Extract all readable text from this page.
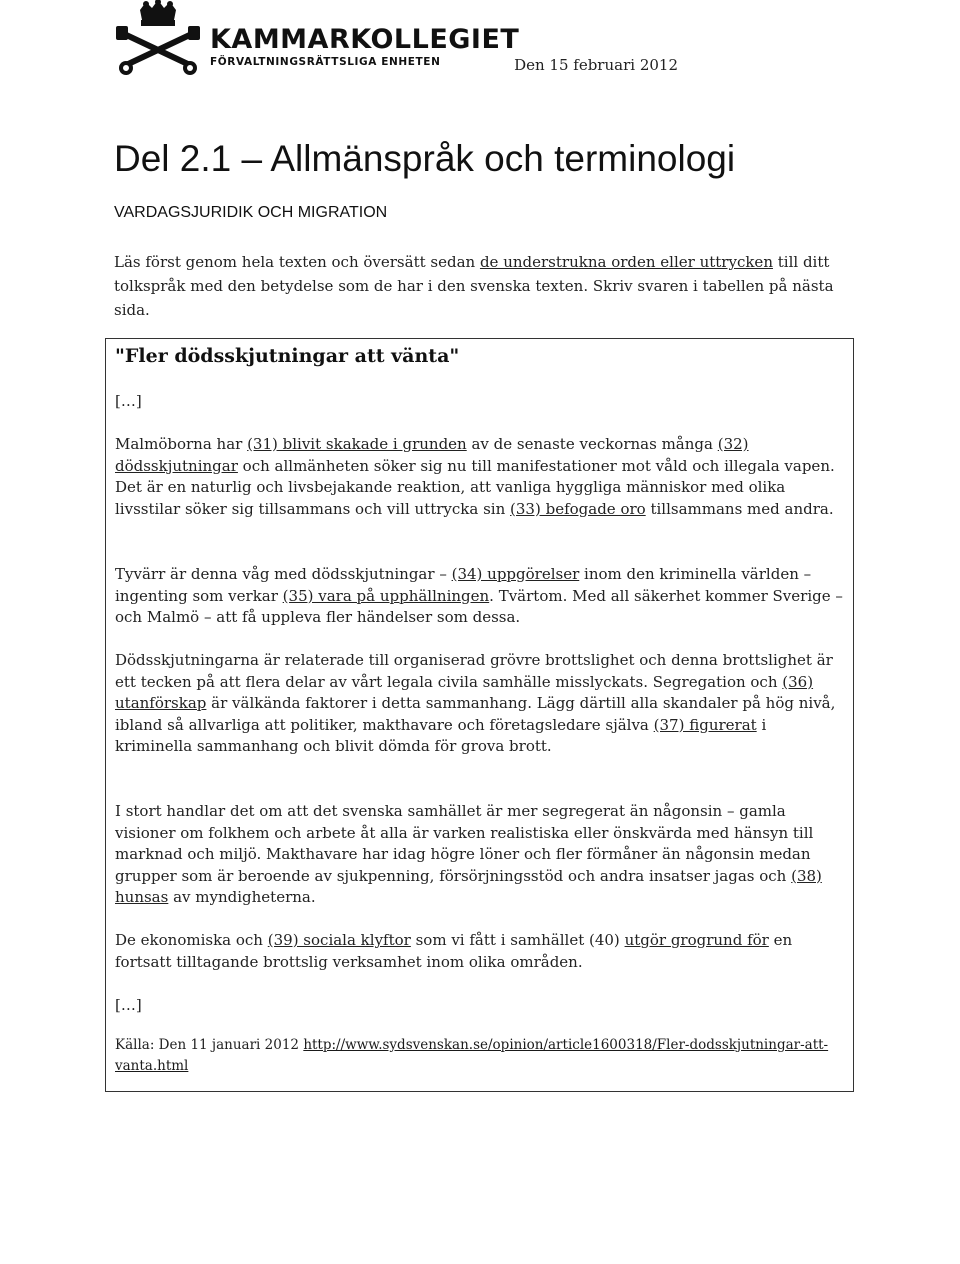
KAMMARKOLLEGIET
FÖRVALTNINGSRÄTTSLIGA ENHETEN	Den 15 februari 2012
Del 2.1 – Allmänspråk och terminologi
VARDAGSJURIDIK OCH MIGRATION
Läs först genom hela texten och översätt sedan de understrukna orden eller uttrycken till ditt tolkspråk med den betydelse som de har i den svenska texten. Skriv svaren i tabellen på nästa sida.
"Fler dödsskjutningar att vänta"
[…]

Malmöborna har (31) blivit skakade i grunden av de senaste veckornas många (32) dödsskjutningar och allmänheten söker sig nu till manifestationer mot våld och illegala vapen. Det är en naturlig och livsbejakande reaktion, att vanliga hyggliga människor med olika livsstilar söker sig tillsammans och vill uttrycka sin (33) befogade oro tillsammans med andra.

Tyvärr är denna våg med dödsskjutningar – (34) uppgörelser inom den kriminella världen – ingenting som verkar (35) vara på upphällningen. Tvärtom. Med all säkerhet kommer Sverige – och Malmö – att få uppleva fler händelser som dessa.

Dödsskjutningarna är relaterade till organiserad grövre brottslighet och denna brottslighet är ett tecken på att flera delar av vårt legala civila samhälle misslyckats. Segregation och (36) utanförskap är välkända faktorer i detta sammanhang. Lägg därtill alla skandaler på hög nivå, ibland så allvarliga att politiker, makthavare och företagsledare själva (37) figurerat i kriminella sammanhang och blivit dömda för grova brott.

I stort handlar det om att det svenska samhället är mer segregerat än någonsin – gamla visioner om folkhem och arbete åt alla är varken realistiska eller önskvärda med hänsyn till marknad och miljö. Makthavare har idag högre löner och fler förmåner än någonsin medan grupper som är beroende av sjukpenning, försörjningsstöd och andra insatser jagas och (38) hunsas av myndigheterna.

De ekonomiska och (39) sociala klyftor som vi fått i samhället (40) utgör grogrund för en fortsatt tilltagande brottslig verksamhet inom olika områden.

[…]
Källa: Den 11 januari 2012 http://www.sydsvenskan.se/opinion/article1600318/Fler-dodsskjutningar-att-vanta.html
